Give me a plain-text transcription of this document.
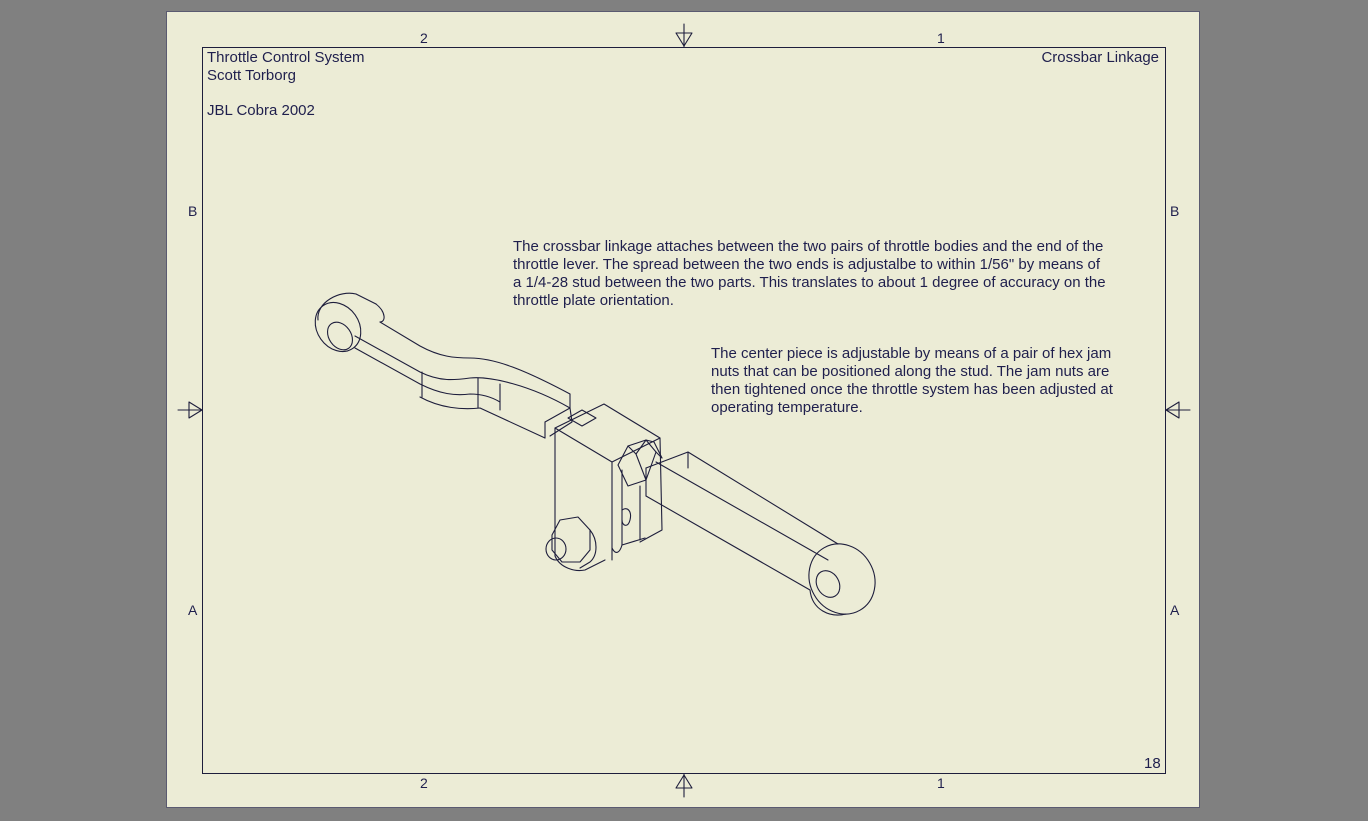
2	1
2	1
B	B
A	A
Throttle Control System
Scott Torborg
JBL Cobra 2002
Crossbar Linkage
18
The crossbar linkage attaches between the two pairs of throttle bodies and the end of the
throttle lever. The spread between the two ends is adjustalbe to within 1/56" by means of
a 1/4-28 stud between the two parts. This translates to about 1 degree of accuracy on the
throttle plate orientation.
The center piece is adjustable by means of a pair of hex jam
nuts that can be positioned along the stud. The jam nuts are
then tightened once the throttle system has been adjusted at
operating temperature.
